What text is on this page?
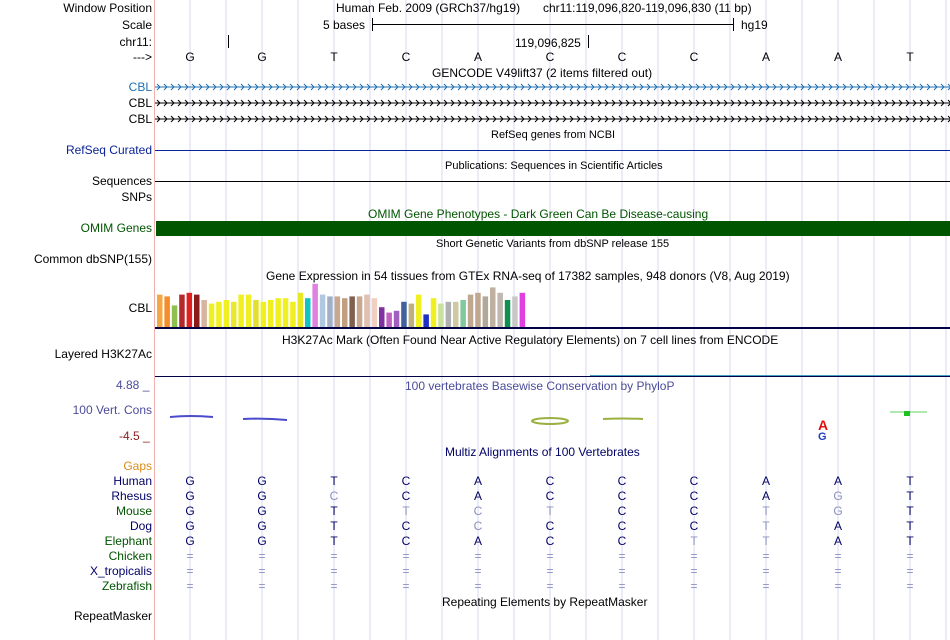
Window Position	Human Feb. 2009 (GRCh37/hg19) chr11:119,096,820-119,096,830 (11 bp)
Scale	5 bases	hg19
chr11:	119,096,825
--->	G	G	T	C	A	C	C	C	A	A	T
GENCODE V49lift37 (2 items filtered out)
CBL
CBL
CBL
RefSeq genes from NCBI
RefSeq Curated
Publications: Sequences in Scientific Articles
Sequences
SNPs
OMIM Gene Phenotypes - Dark Green Can Be Disease-causing
OMIM Genes
Short Genetic Variants from dbSNP release 155
Common dbSNP(155)
Gene Expression in 54 tissues from GTEx RNA-seq of 17382 samples, 948 donors (V8, Aug 2019)
CBL
H3K27Ac Mark (Often Found Near Active Regulatory Elements) on 7 cell lines from ENCODE
Layered H3K27Ac
100 vertebrates Basewise Conservation by PhyloP
4.88 _
100 Vert. Cons
-4.5 _
A
G
Multiz Alignments of 100 Vertebrates
Gaps
Human	G	G	T	C	A	C	C	C	A	A	T
Rhesus	G	G	C	C	A	C	C	C	A	G	T
Mouse	G	G	T	T	C	T	C	C	T	G	T
Dog	G	G	T	C	C	C	C	C	T	A	T
Elephant	G	G	T	C	A	C	C	T	T	A	T
Chicken	=	=	=	=	=	=	=	=	=	=	=
X_tropicalis	=	=	=	=	=	=	=	=	=	=	=
Zebrafish	=	=	=	=	=	=	=	=	=	=	=
Repeating Elements by RepeatMasker
RepeatMasker
